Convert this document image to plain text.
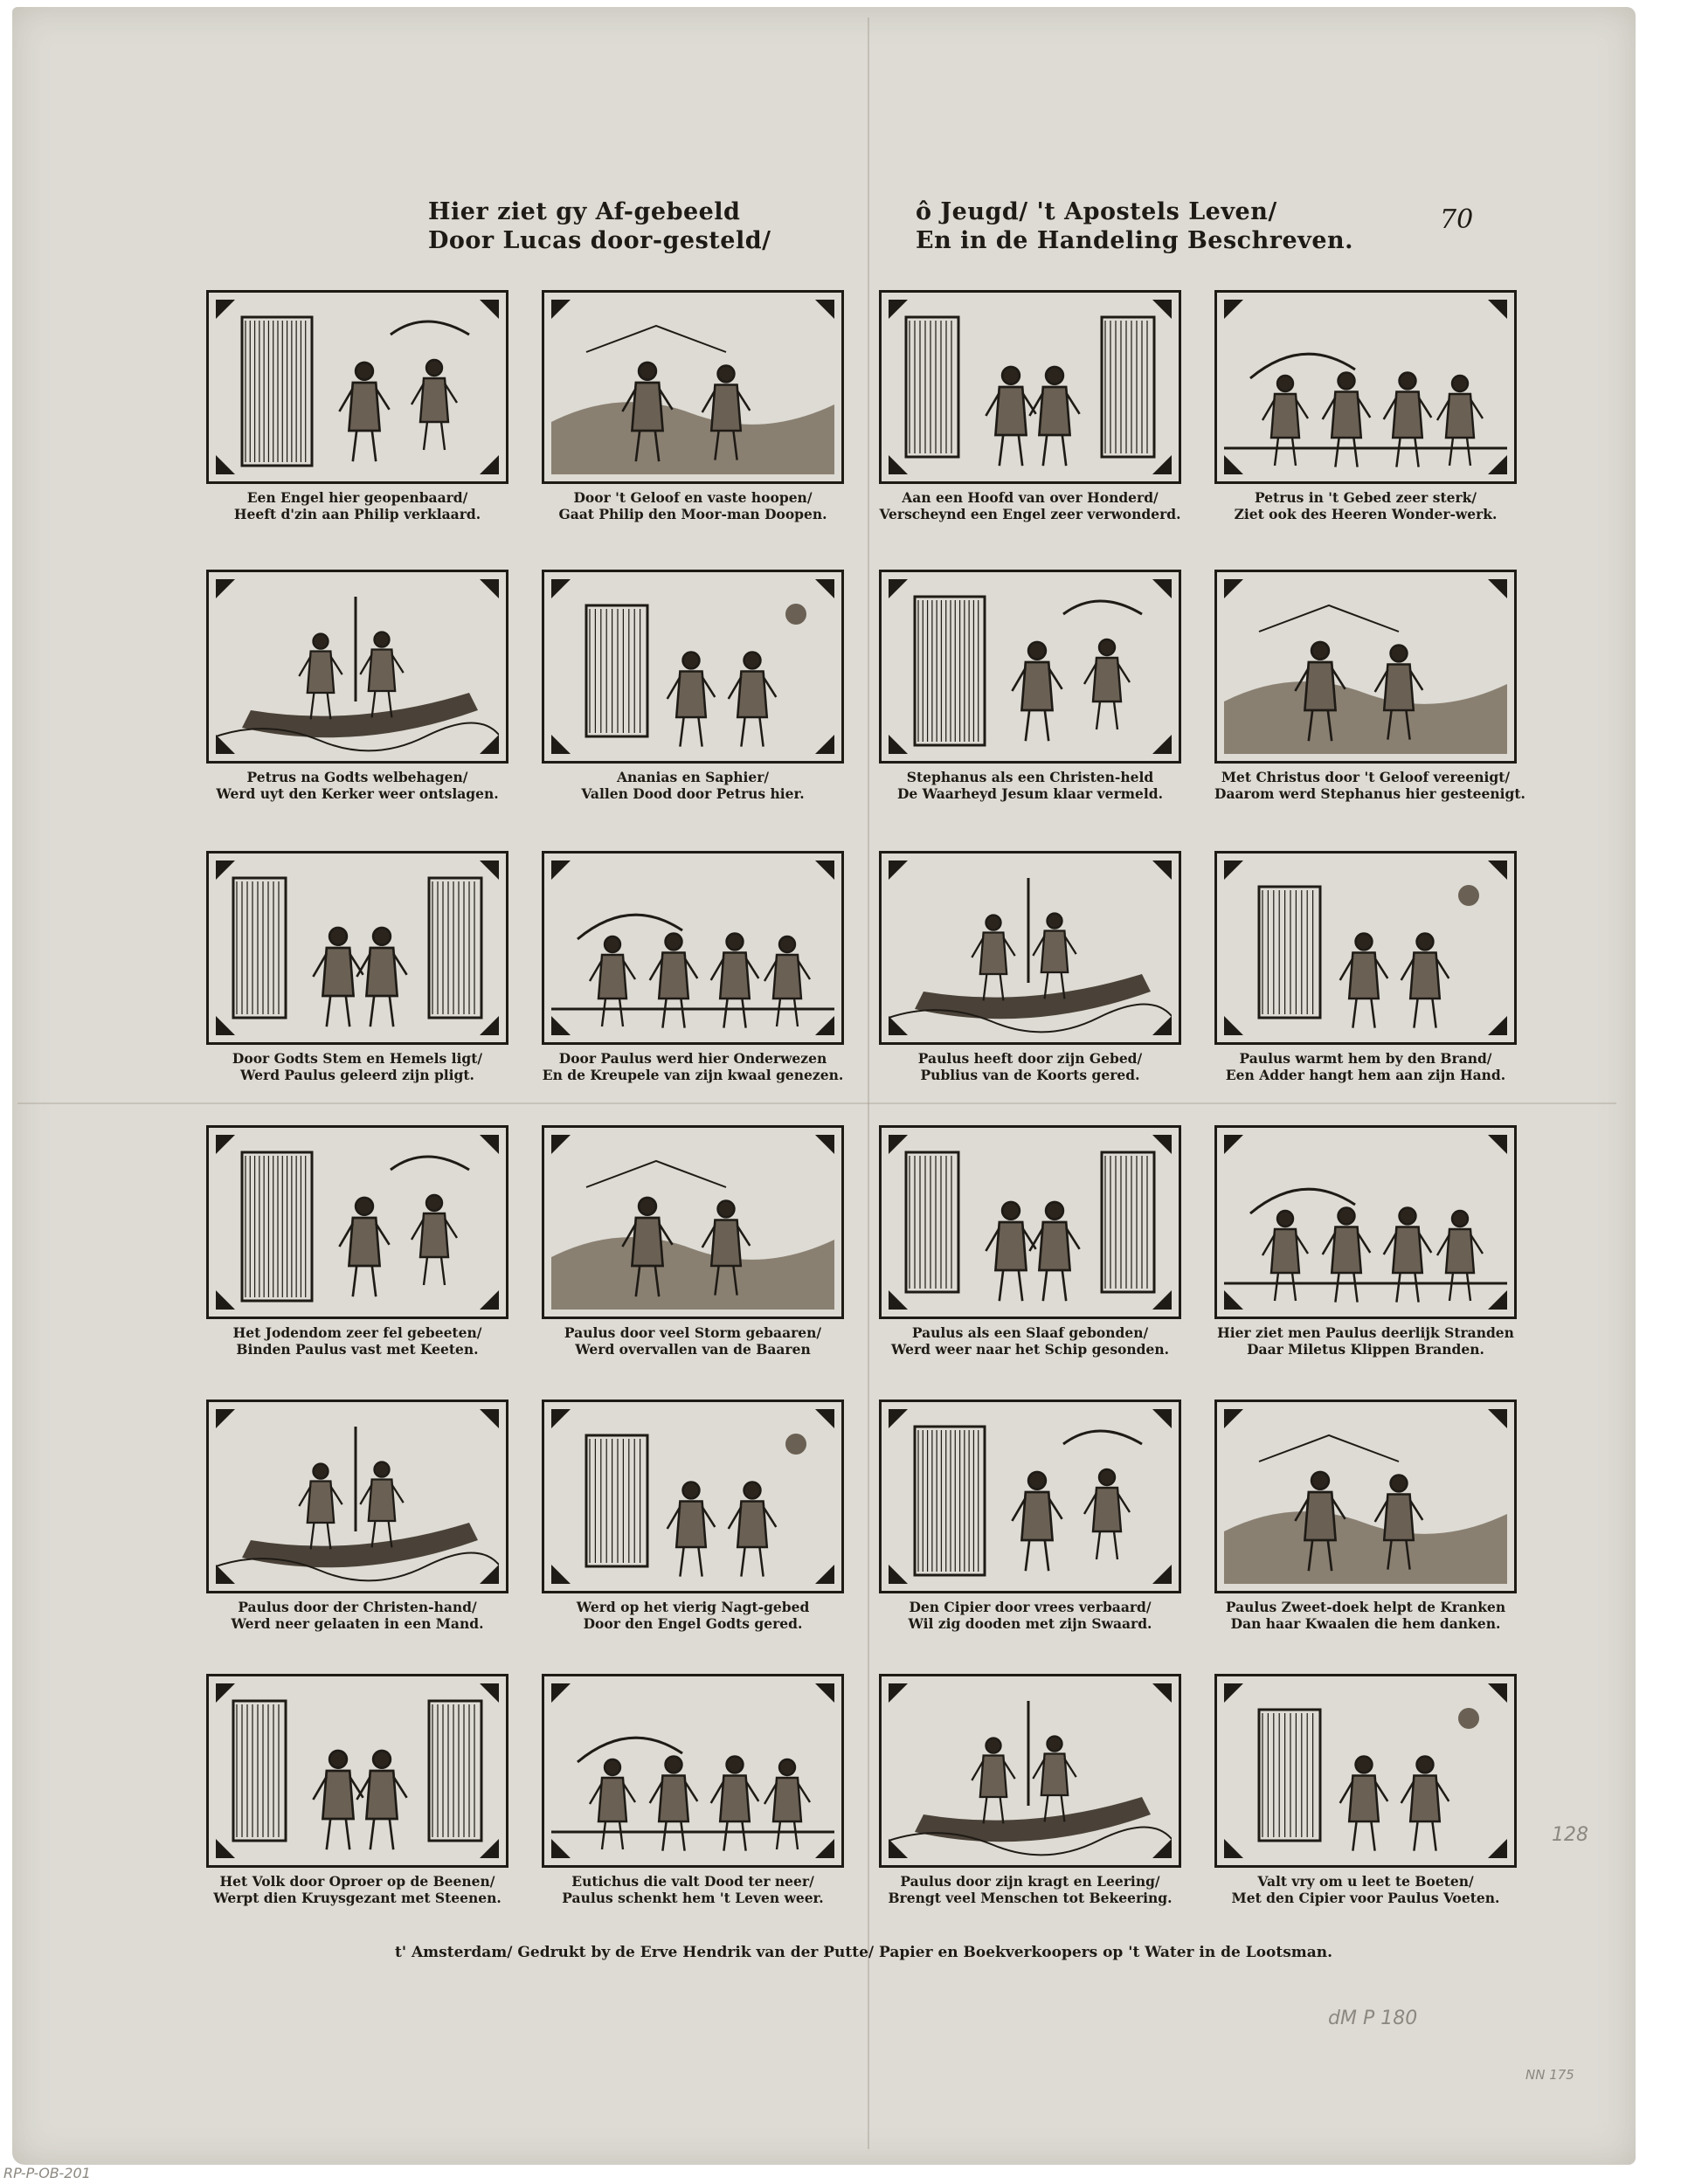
Hier ziet gy Af-gebeeld
Door Lucas door-gesteld/
ô Jeugd/ 't Apostels Leven/
En in de Handeling Beschreven.
70
Een Engel hier geopenbaard/
Heeft d'zin aan Philip verklaard.
Door 't Geloof en vaste hoopen/
Gaat Philip den Moor-man Doopen.
Aan een Hoofd van over Honderd/
Verscheynd een Engel zeer verwonderd.
Petrus in 't Gebed zeer sterk/
Ziet ook des Heeren Wonder-werk.
Petrus na Godts welbehagen/
Werd uyt den Kerker weer ontslagen.
Ananias en Saphier/
Vallen Dood door Petrus hier.
Stephanus als een Christen-held
De Waarheyd Jesum klaar vermeld.
Met Christus door 't Geloof vereenigt/
Daarom werd Stephanus hier gesteenigt.
Door Godts Stem en Hemels ligt/
Werd Paulus geleerd zijn pligt.
Door Paulus werd hier Onderwezen
En de Kreupele van zijn kwaal genezen.
Paulus heeft door zijn Gebed/
Publius van de Koorts gered.
Paulus warmt hem by den Brand/
Een Adder hangt hem aan zijn Hand.
Het Jodendom zeer fel gebeeten/
Binden Paulus vast met Keeten.
Paulus door veel Storm gebaaren/
Werd overvallen van de Baaren
Paulus als een Slaaf gebonden/
Werd weer naar het Schip gesonden.
Hier ziet men Paulus deerlijk Stranden
Daar Miletus Klippen Branden.
Paulus door der Christen-hand/
Werd neer gelaaten in een Mand.
Werd op het vierig Nagt-gebed
Door den Engel Godts gered.
Den Cipier door vrees verbaard/
Wil zig dooden met zijn Swaard.
Paulus Zweet-doek helpt de Kranken
Dan haar Kwaalen die hem danken.
Het Volk door Oproer op de Beenen/
Werpt dien Kruysgezant met Steenen.
Eutichus die valt Dood ter neer/
Paulus schenkt hem 't Leven weer.
Paulus door zijn kragt en Leering/
Brengt veel Menschen tot Bekeering.
Valt vry om u leet te Boeten/
Met den Cipier voor Paulus Voeten.
t' Amsterdam/ Gedrukt by de Erve Hendrik van der Putte/ Papier en Boekverkoopers op 't Water in de Lootsman.
128
dM P 180
NN 175
RP-P-OB-201
